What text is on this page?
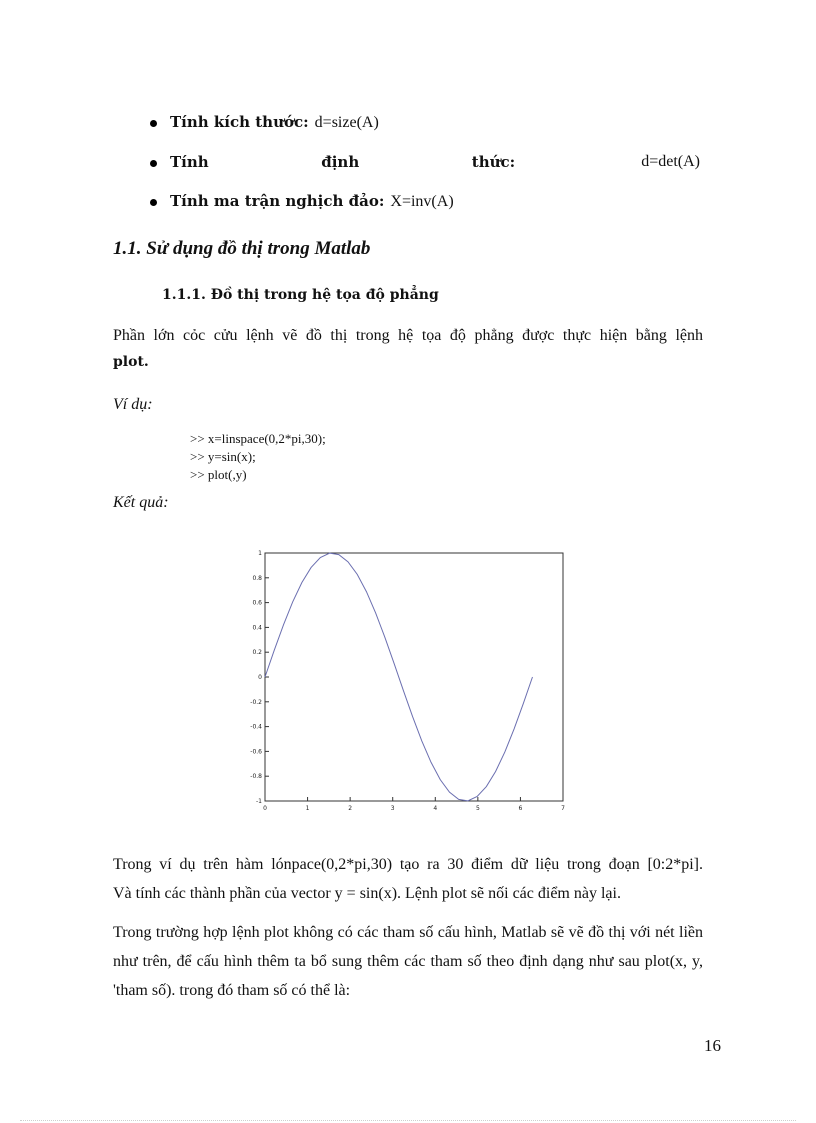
Tính kích thước: d=size(A)
Tính	định	thức:	d=det(A)
Tính ma trận nghịch đảo: X=inv(A)
1.1. Sử dụng đồ thị trong Matlab
1.1.1. Đồ thị trong hệ tọa độ phẳng
Phần lớn cỏc cửu lệnh vẽ đồ thị trong hệ tọa độ phẳng được thực hiện bằng lệnh
plot.
Ví dụ:
>> x=linspace(0,2*pi,30);
>> y=sin(x);
>> plot(,y)
Kết quả:
1
0.8
0.6
0.4
0.2
0
-0.2
-0.4
-0.6
-0.8
-1
0	1	2	3	4	5	6	7
Trong ví dụ trên hàm lónpace(0,2*pi,30) tạo ra 30 điểm dữ liệu trong đoạn [0:2*pi].
Và tính các thành phần của vector y = sin(x). Lệnh plot sẽ nối các điểm này lại.
Trong trường hợp lệnh plot không có các tham số cấu hình, Matlab sẽ vẽ đồ thị với nét liền như trên, để cấu hình thêm ta bổ sung thêm các tham số theo định dạng như sau plot(x, y, 'tham số). trong đó tham số có thể là:
16
